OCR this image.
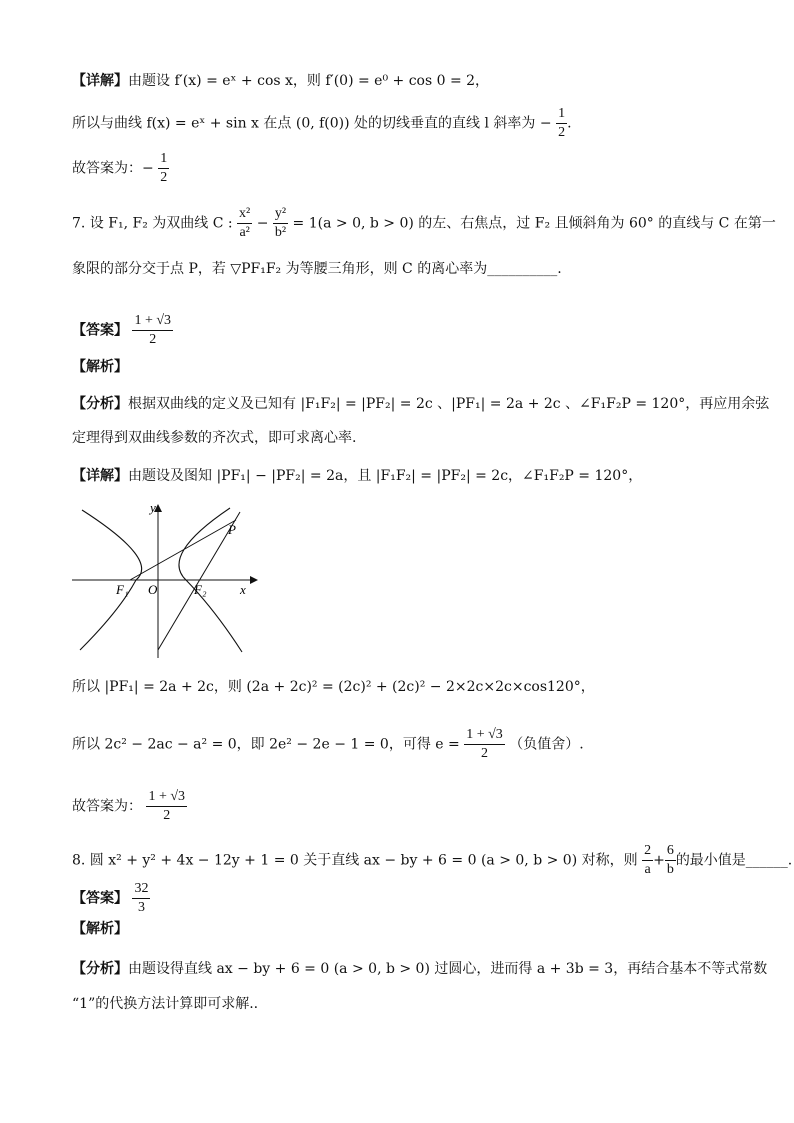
【详解】由题设 f′(x) = eˣ + cos x，则 f′(0) = e⁰ + cos 0 = 2，
所以与曲线 f(x) = eˣ + sin x 在点 (0, f(0)) 处的切线垂直的直线 l 斜率为 − $\frac{1}{2}$ .
故答案为：− $\frac{1}{2}$
7. 设 F₁, F₂ 为双曲线 C : $\frac{\text{x²}}{\text{a²}} - \frac{\text{y²}}{\text{b²}} = 1(a > 0$, b > 0) 的左、右焦点，过 F₂ 且倾斜角为 60° 的直线与 C 在第一
象限的部分交于点 P，若 ▽PF₁F₂ 为等腰三角形，则 C 的离心率为__________.
【答案】 $\frac{1 + √3}{2}$
【解析】
【分析】根据双曲线的定义及已知有 |F₁F₂| = |PF₂| = 2c 、|PF₁| = 2a + 2c 、∠F₁F₂P = 120°，再应用余弦
定理得到双曲线参数的齐次式，即可求离心率.
【详解】由题设及图知 |PF₁| − |PF₂| = 2a，且 |F₁F₂| = |PF₂| = 2c，∠F₁F₂P = 120°，
y
x
P
F₁ O	F₂
所以 |PF₁| = 2a + 2c，则 (2a + 2c)² = (2c)² + (2c)² − 2×2c×2c×cos120°，
所以 2c² − 2ac − a² = 0，即 2e² − 2e − 1 = 0，可得 $e = \frac{1 + √3}{2}$ （负值舍）.
故答案为： $\frac{1 + √3}{2}$
8. 圆 x² + y² + 4x − 12y + 1 = 0 关于直线 ax − by + 6 = 0 (a > 0, b > 0) 对称，则 $\frac{2}{a} + \frac{6}{b}$ 的最小值是______.
【答案】 $\frac{32}{3}$
【解析】
【分析】由题设得直线 ax − by + 6 = 0 (a > 0, b > 0) 过圆心，进而得 a + 3b = 3，再结合基本不等式常数
“1”的代换方法计算即可求解..
